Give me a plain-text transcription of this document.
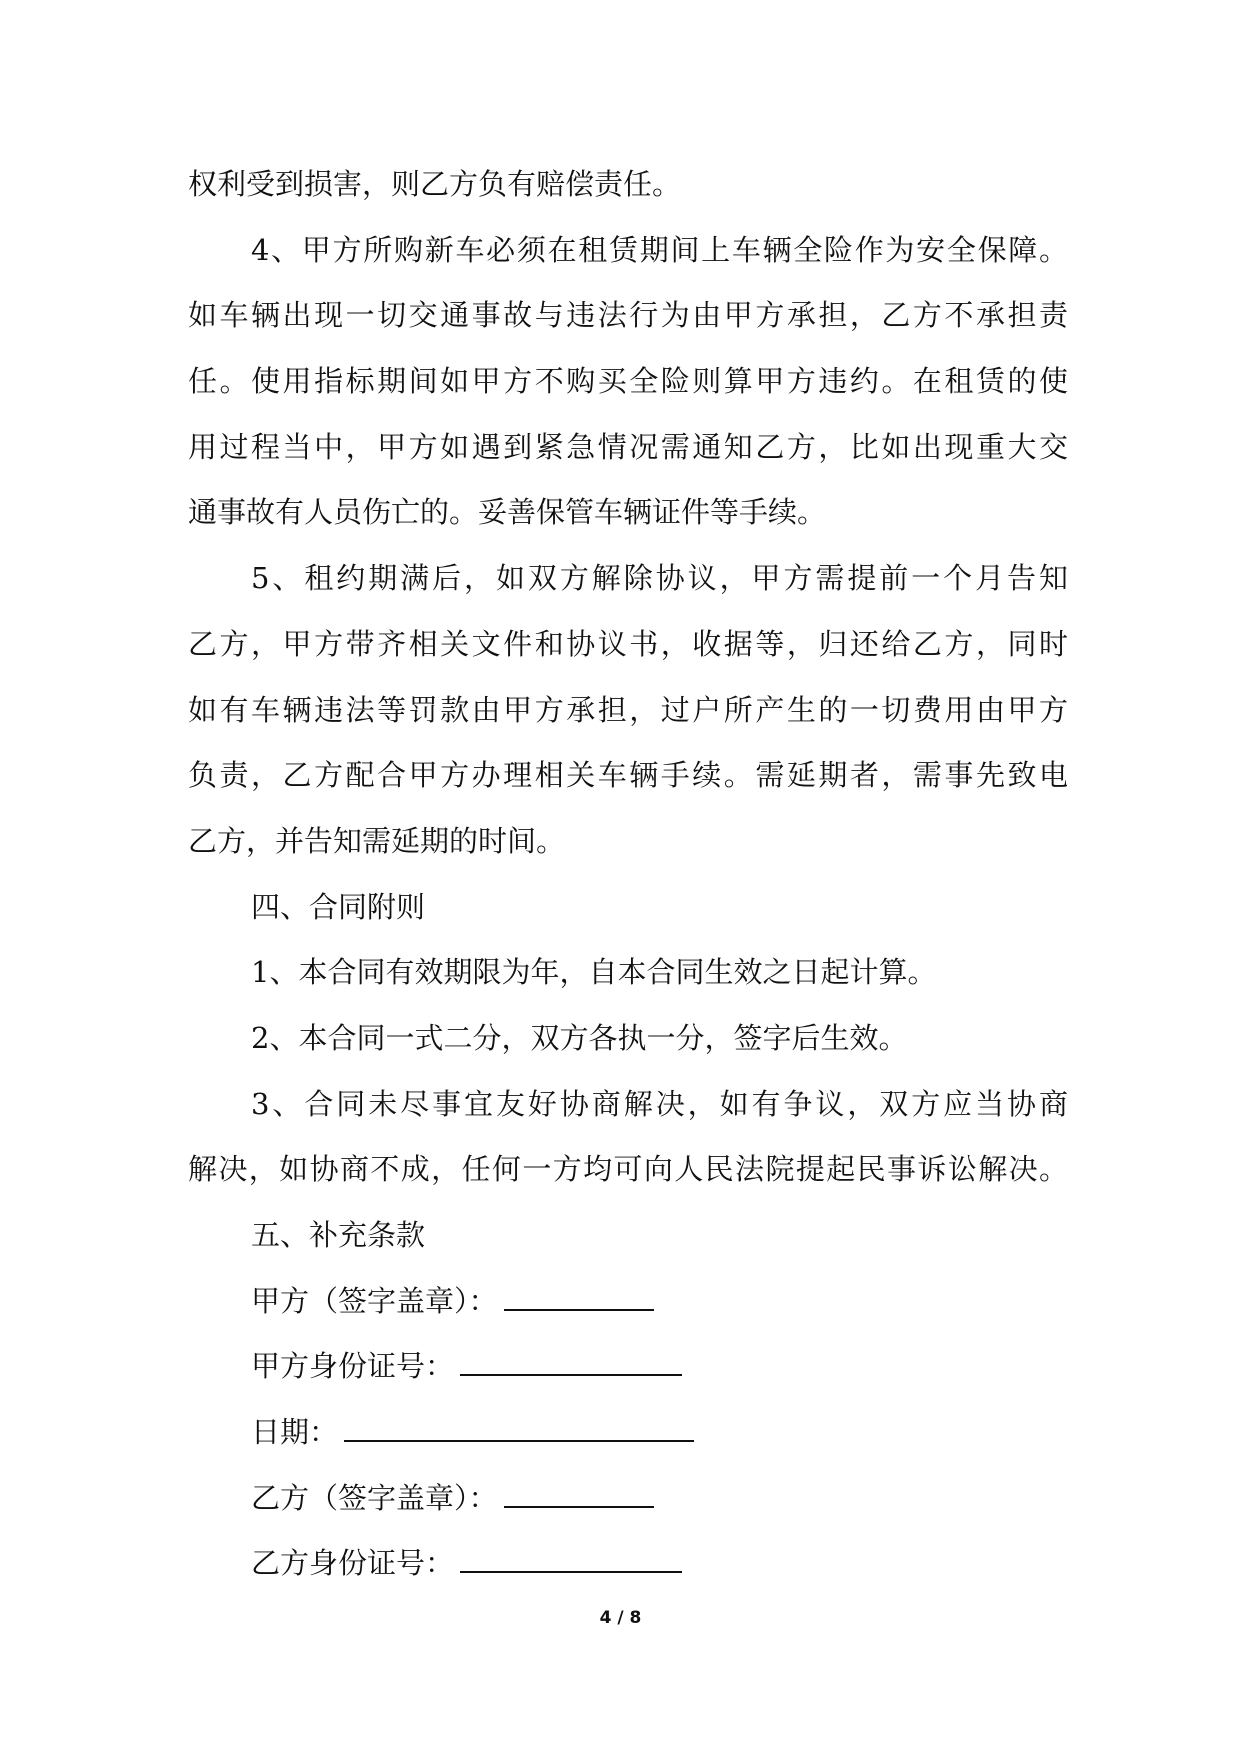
权利受到损害，则乙方负有赔偿责任。
4、甲方所购新车必须在租赁期间上车辆全险作为安全保障。
如车辆出现一切交通事故与违法行为由甲方承担，乙方不承担责
任。使用指标期间如甲方不购买全险则算甲方违约。在租赁的使
用过程当中，甲方如遇到紧急情况需通知乙方，比如出现重大交
通事故有人员伤亡的。妥善保管车辆证件等手续。
5、租约期满后，如双方解除协议，甲方需提前一个月告知
乙方，甲方带齐相关文件和协议书，收据等，归还给乙方，同时
如有车辆违法等罚款由甲方承担，过户所产生的一切费用由甲方
负责，乙方配合甲方办理相关车辆手续。需延期者，需事先致电
乙方，并告知需延期的时间。
四、合同附则
1、本合同有效期限为年，自本合同生效之日起计算。
2、本合同一式二分，双方各执一分，签字后生效。
3、合同未尽事宜友好协商解决，如有争议，双方应当协商
解决，如协商不成，任何一方均可向人民法院提起民事诉讼解决。
五、补充条款
甲方（签字盖章）：
甲方身份证号：
日期：
乙方（签字盖章）：
乙方身份证号：
4 / 8
